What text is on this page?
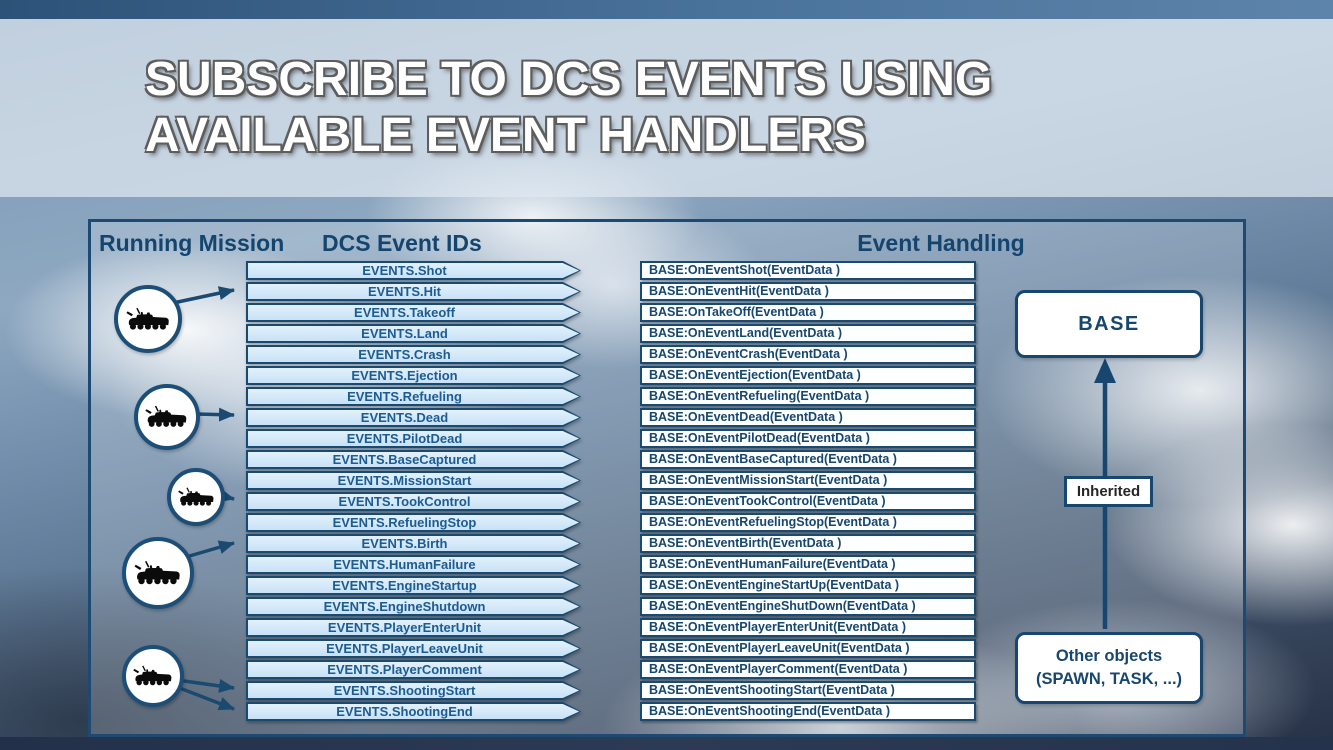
SUBSCRIBE TO DCS EVENTS USING
AVAILABLE EVENT HANDLERS
Running Mission DCS Event IDs	Event Handling
EVENTS.Shot
EVENTS.Hit
EVENTS.Takeoff
EVENTS.Land
EVENTS.Crash
EVENTS.Ejection
EVENTS.Refueling
EVENTS.Dead
EVENTS.PilotDead
EVENTS.BaseCaptured
EVENTS.MissionStart
EVENTS.TookControl
EVENTS.RefuelingStop
EVENTS.Birth
EVENTS.HumanFailure
EVENTS.EngineStartup
EVENTS.EngineShutdown
EVENTS.PlayerEnterUnit
EVENTS.PlayerLeaveUnit
EVENTS.PlayerComment
EVENTS.ShootingStart
EVENTS.ShootingEnd
BASE:OnEventShot(EventData )
BASE:OnEventHit(EventData )
BASE:OnTakeOff(EventData )
BASE:OnEventLand(EventData )
BASE:OnEventCrash(EventData )
BASE:OnEventEjection(EventData )
BASE:OnEventRefueling(EventData )
BASE:OnEventDead(EventData )
BASE:OnEventPilotDead(EventData )
BASE:OnEventBaseCaptured(EventData )
BASE:OnEventMissionStart(EventData )
BASE:OnEventTookControl(EventData )
BASE:OnEventRefuelingStop(EventData )
BASE:OnEventBirth(EventData )
BASE:OnEventHumanFailure(EventData )
BASE:OnEventEngineStartUp(EventData )
BASE:OnEventEngineShutDown(EventData )
BASE:OnEventPlayerEnterUnit(EventData )
BASE:OnEventPlayerLeaveUnit(EventData )
BASE:OnEventPlayerComment(EventData )
BASE:OnEventShootingStart(EventData )
BASE:OnEventShootingEnd(EventData )
BASE
Inherited
Other objects
(SPAWN, TASK, ...)
